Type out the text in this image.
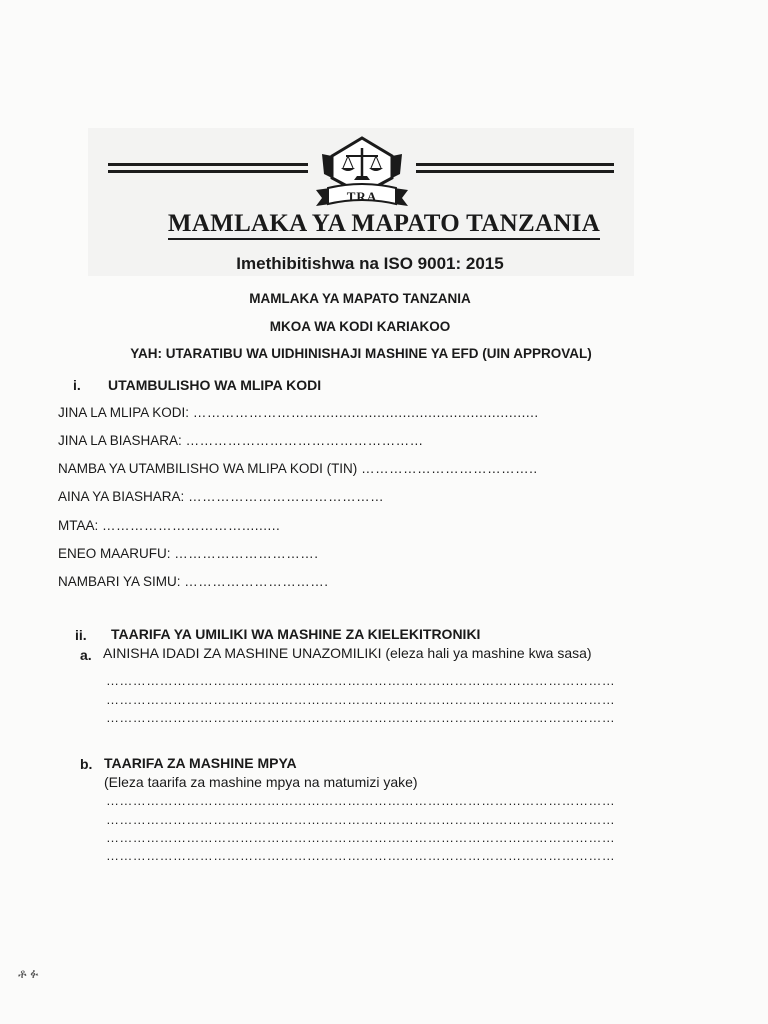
TRA
MAMLAKA YA MAPATO TANZANIA
Imethibitishwa na ISO 9001: 2015
MAMLAKA YA MAPATO TANZANIA
MKOA WA KODI KARIAKOO
YAH: UTARATIBU WA UIDHINISHAJI MASHINE YA EFD (UIN APPROVAL)
i. UTAMBULISHO WA MLIPA KODI
JINA LA MLIPA KODI: …………………….......................................................
JINA LA BIASHARA: ……………………………………………
NAMBA YA UTAMBILISHO WA MLIPA KODI (TIN) ………………………………..
AINA YA BIASHARA: ……………………………………
MTAA: ………………………….........
ENEO MAARUFU: ………………………….
NAMBARI YA SIMU: ………………………….
ii. TAARIFA YA UMILIKI WA MASHINE ZA KIELEKITRONIKI
a. AINISHA IDADI ZA MASHINE UNAZOMILIKI (eleza hali ya mashine kwa sasa)
……………………………………………………………………………………………………
……………………………………………………………………………………………………
……………………………………………………………………………………………………
b. TAARIFA ZA MASHINE MPYA
(Eleza taarifa za mashine mpya na matumizi yake)
……………………………………………………………………………………………………
……………………………………………………………………………………………………
……………………………………………………………………………………………………
……………………………………………………………………………………………………
ቶ ፉ
